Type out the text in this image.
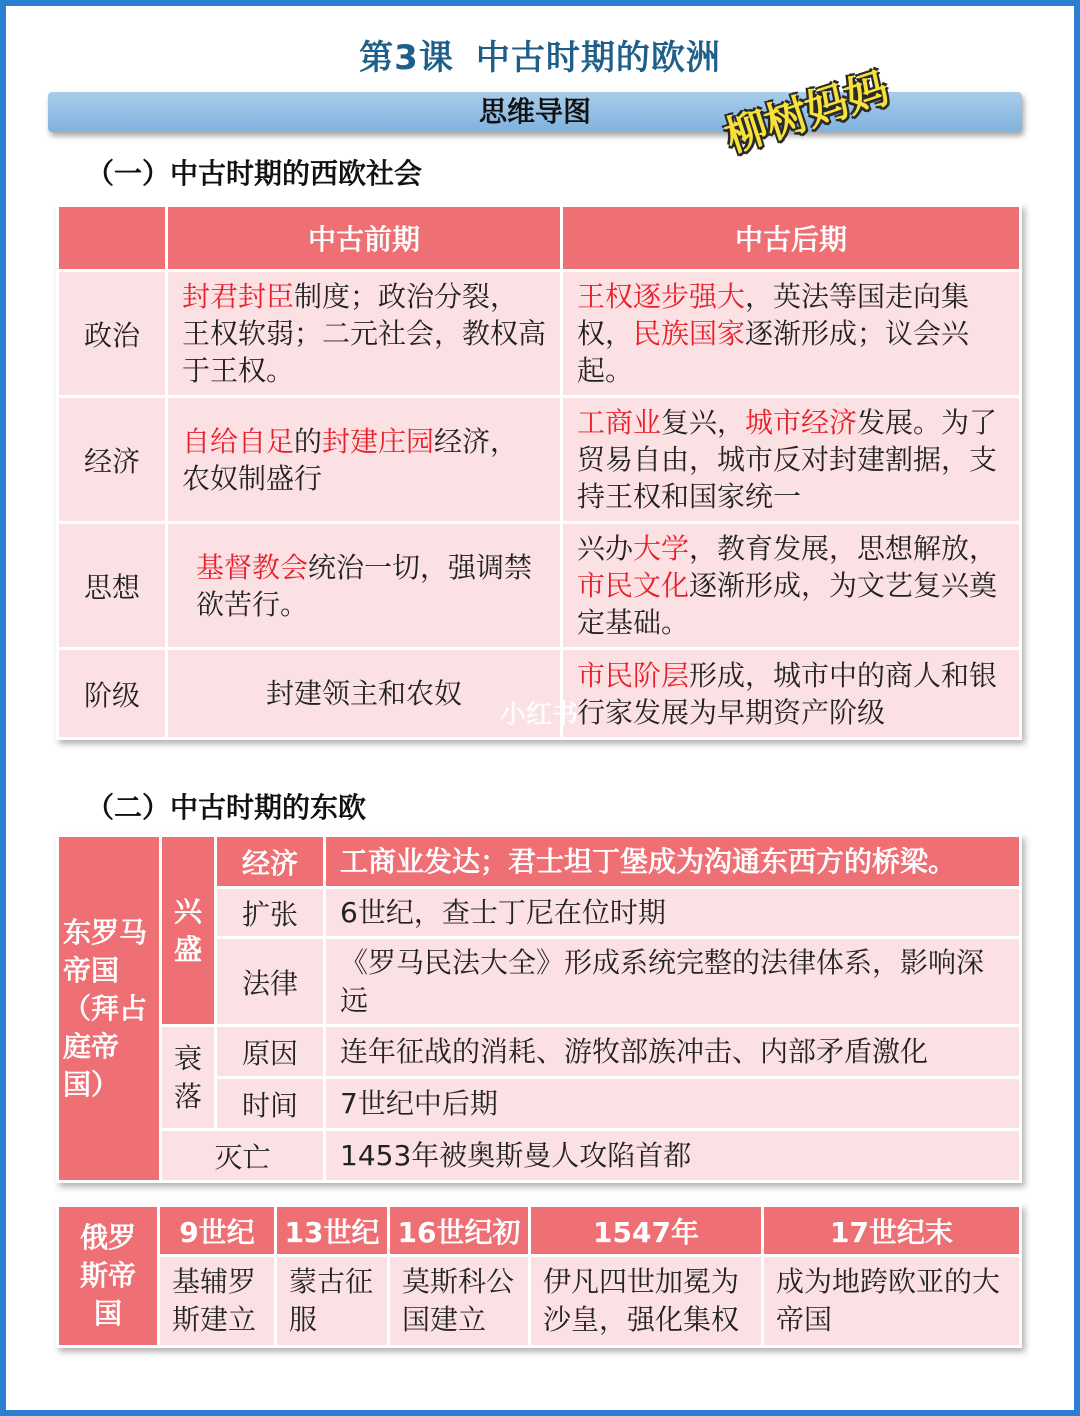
第3课 中古时期的欧洲
思维导图	柳树妈妈
（一）中古时期的西欧社会
	中古前期	中古后期
政治	封君封臣制度；政治分裂，王权软弱；二元社会，教权高于王权。	王权逐步强大，英法等国走向集权，民族国家逐渐形成；议会兴起。
经济	自给自足的封建庄园经济，农奴制盛行	工商业复兴，城市经济发展。为了贸易自由，城市反对封建割据，支持王权和国家统一
思想	基督教会统治一切，强调禁欲苦行。	兴办大学，教育发展，思想解放，市民文化逐渐形成，为文艺复兴奠定基础。
阶级	封建领主和农奴	市民阶层形成，城市中的商人和银行家发展为早期资产阶级
小红书
（二）中古时期的东欧
东罗马帝国（拜占庭帝国）	兴盛	经济	工商业发达；君士坦丁堡成为沟通东西方的桥梁。
		扩张	6世纪，查士丁尼在位时期
		法律	《罗马民法大全》形成系统完整的法律体系，影响深远
	衰落	原因	连年征战的消耗、游牧部族冲击、内部矛盾激化
		时间	7世纪中后期
	灭亡		1453年被奥斯曼人攻陷首都
俄罗斯帝国	9世纪	13世纪	16世纪初	1547年	17世纪末
	基辅罗斯建立	蒙古征服	莫斯科公国建立	伊凡四世加冕为沙皇，强化集权	成为地跨欧亚的大帝国
